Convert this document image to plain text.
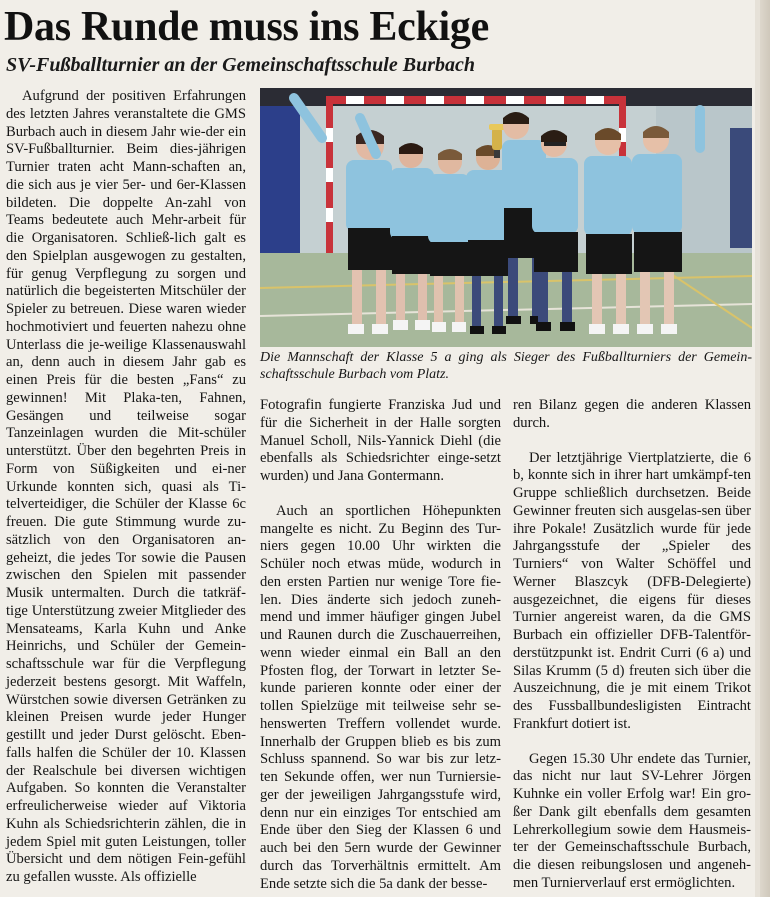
Das Runde muss ins Eckige
SV-Fußballturnier an der Gemeinschaftsschule Burbach

Aufgrund der positiven Erfahrungen des letzten Jahres veranstaltete die GMS Burbach auch in diesem Jahr wie-der ein SV-Fußballturnier. Beim dies-jährigen Turnier traten acht Mann-schaften an, die sich aus je vier 5er- und 6er-Klassen bildeten. Die doppelte An-zahl von Teams bedeutete auch Mehr-arbeit für die Organisatoren. Schließ-lich galt es den Spielplan ausgewogen zu gestalten, für genug Verpflegung zu sorgen und natürlich die begeisterten Mitschüler der Spieler zu betreuen. Diese waren wieder hochmotiviert und feuerten nahezu ohne Unterlass die je-weilige Klassenauswahl an, denn auch in diesem Jahr gab es einen Preis für die besten „Fans“ zu gewinnen! Mit Plaka-ten, Fahnen, Gesängen und teilweise sogar Tanzeinlagen wurden die Mit-schüler unterstützt. Über den begehrten Preis in Form von Süßigkeiten und ei-ner Urkunde konnten sich, quasi als Ti-telverteidiger, die Schüler der Klasse 6c freuen. Die gute Stimmung wurde zu-sätzlich von den Organisatoren an-geheizt, die jedes Tor sowie die Pausen zwischen den Spielen mit passender Musik untermalten. Durch die tatkräf-tige Unterstützung zweier Mitglieder des Mensateams, Karla Kuhn und Anke Heinrichs, und Schüler der Gemein-schaftsschule war für die Verpflegung jederzeit bestens gesorgt. Mit Waffeln, Würstchen sowie diversen Getränken zu kleinen Preisen wurde jeder Hunger gestillt und jeder Durst gelöscht. Eben-falls halfen die Schüler der 10. Klassen der Realschule bei diversen wichtigen Aufgaben. So konnten die Veranstalter erfreulicherweise wieder auf Viktoria Kuhn als Schiedsrichterin zählen, die in jedem Spiel mit guten Leistungen, toller Übersicht und dem nötigen Fein-gefühl zu gefallen wusste. Als offizielle

Die Mannschaft der Klasse 5 a ging als Sieger des Fußballturniers der Gemein-schaftsschule Burbach vom Platz.

Fotografin fungierte Franziska Jud und für die Sicherheit in der Halle sorgten Manuel Scholl, Nils-Yannick Diehl (die ebenfalls als Schiedsrichter einge-setzt wurden) und Jana Gontermann.

Auch an sportlichen Höhepunkten mangelte es nicht. Zu Beginn des Tur-niers gegen 10.00 Uhr wirkten die Schüler noch etwas müde, wodurch in den ersten Partien nur wenige Tore fie-len. Dies änderte sich jedoch zuneh-mend und immer häufiger gingen Jubel und Raunen durch die Zuschauerreihen, wenn wieder einmal ein Ball an den Pfosten flog, der Torwart in letzter Se-kunde parieren konnte oder einer der tollen Spielzüge mit teilweise sehr se-henswerten Treffern vollendet wurde. Innerhalb der Gruppen blieb es bis zum Schluss spannend. So war bis zur letz-ten Sekunde offen, wer nun Turniersie-ger der jeweiligen Jahrgangsstufe wird, denn nur ein einziges Tor entschied am Ende über den Sieg der Klassen 6 und auch bei den 5ern wurde der Gewinner durch das Torverhältnis ermittelt. Am Ende setzte sich die 5a dank der besse-

ren Bilanz gegen die anderen Klassen durch.

Der letztjährige Viertplatzierte, die 6 b, konnte sich in ihrer hart umkämpf-ten Gruppe schließlich durchsetzen. Beide Gewinner freuten sich ausgelas-sen über ihre Pokale! Zusätzlich wurde für jede Jahrgangsstufe der „Spieler des Turniers“ von Walter Schöffel und Werner Blaszcyk (DFB-Delegierte) ausgezeichnet, die eigens für dieses Turnier angereist waren, da die GMS Burbach ein offizieller DFB-Talentför-derstützpunkt ist. Endrit Curri (6 a) und Silas Krumm (5 d) freuten sich über die Auszeichnung, die je mit einem Trikot des Fussballbundesligisten Eintracht Frankfurt dotiert ist.

Gegen 15.30 Uhr endete das Turnier, das nicht nur laut SV-Lehrer Jörgen Kuhnke ein voller Erfolg war! Ein gro-ßer Dank gilt ebenfalls dem gesamten Lehrerkollegium sowie dem Hausmeis-ter der Gemeinschaftsschule Burbach, die diesen reibungslosen und angeneh-men Turnierverlauf erst ermöglichten.
